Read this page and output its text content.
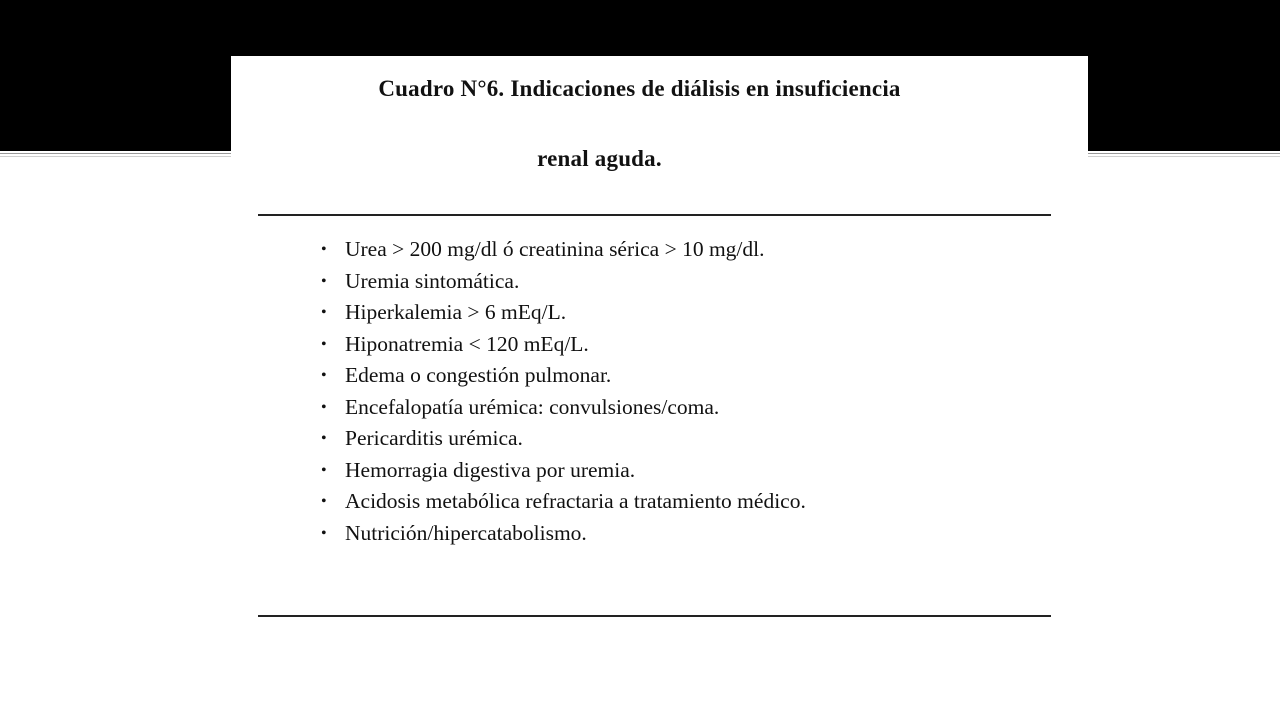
Cuadro N°6. Indicaciones de diálisis en insuficiencia
renal aguda.
• Urea > 200 mg/dl ó creatinina sérica > 10 mg/dl.
• Uremia sintomática.
• Hiperkalemia > 6 mEq/L.
• Hiponatremia < 120 mEq/L.
• Edema o congestión pulmonar.
• Encefalopatía urémica: convulsiones/coma.
• Pericarditis urémica.
• Hemorragia digestiva por uremia.
• Acidosis metabólica refractaria a tratamiento médico.
• Nutrición/hipercatabolismo.
